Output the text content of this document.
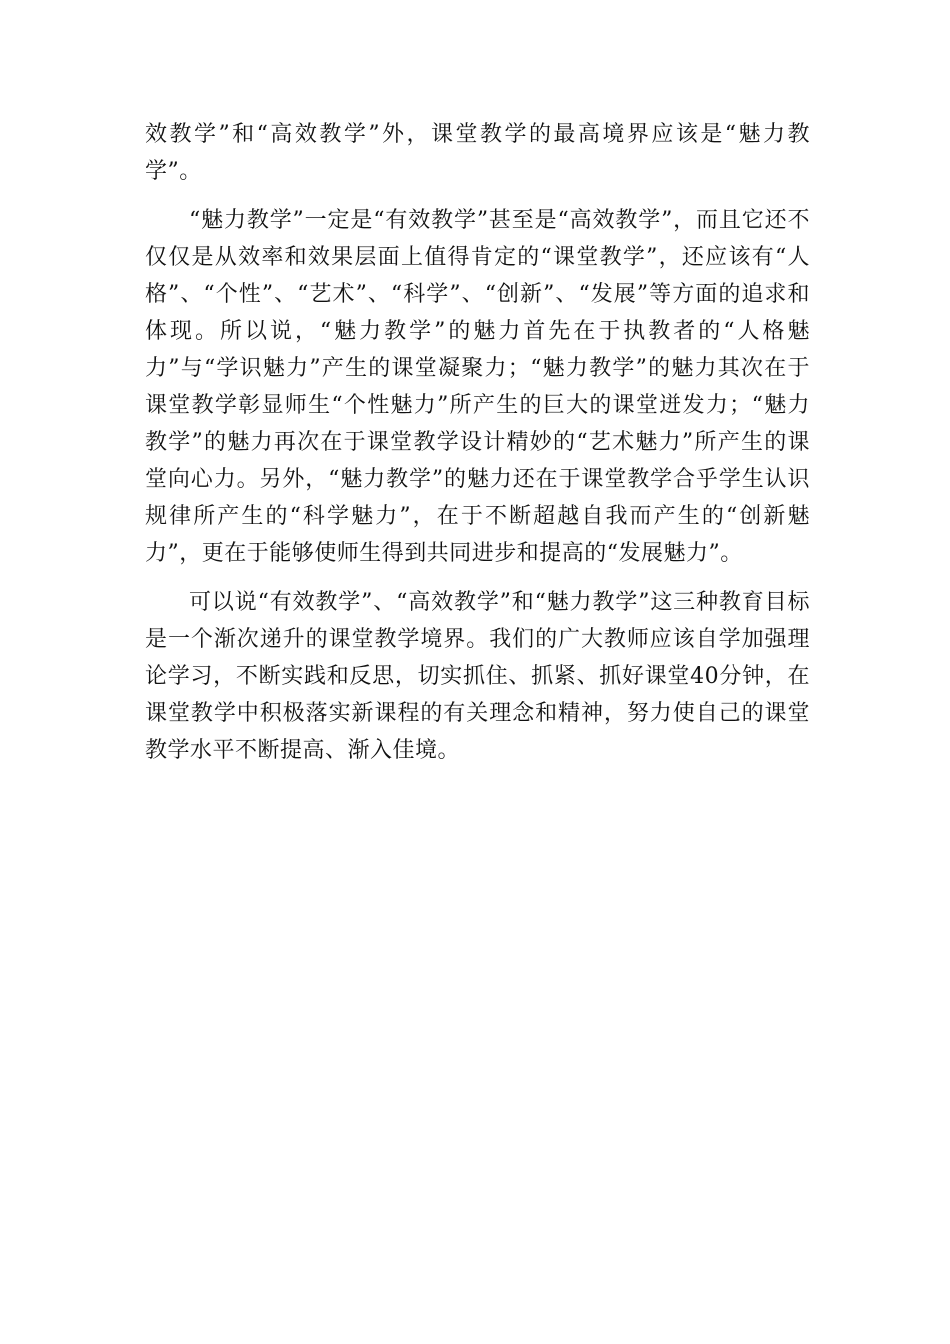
效教学”和“高效教学”外，课堂教学的最高境界应该是“魅力教学”。

“魅力教学”一定是“有效教学”甚至是“高效教学”，而且它还不仅仅是从效率和效果层面上值得肯定的“课堂教学”，还应该有“人格”、“个性”、“艺术”、“科学”、“创新”、“发展”等方面的追求和体现。所以说，“魅力教学”的魅力首先在于执教者的“人格魅力”与“学识魅力”产生的课堂凝聚力；“魅力教学”的魅力其次在于课堂教学彰显师生“个性魅力”所产生的巨大的课堂迸发力；“魅力教学”的魅力再次在于课堂教学设计精妙的“艺术魅力”所产生的课堂向心力。另外，“魅力教学”的魅力还在于课堂教学合乎学生认识规律所产生的“科学魅力”，在于不断超越自我而产生的“创新魅力”，更在于能够使师生得到共同进步和提高的“发展魅力”。

可以说“有效教学”、“高效教学”和“魅力教学”这三种教育目标是一个渐次递升的课堂教学境界。我们的广大教师应该自学加强理论学习，不断实践和反思，切实抓住、抓紧、抓好课堂40分钟，在课堂教学中积极落实新课程的有关理念和精神，努力使自己的课堂教学水平不断提高、渐入佳境。
